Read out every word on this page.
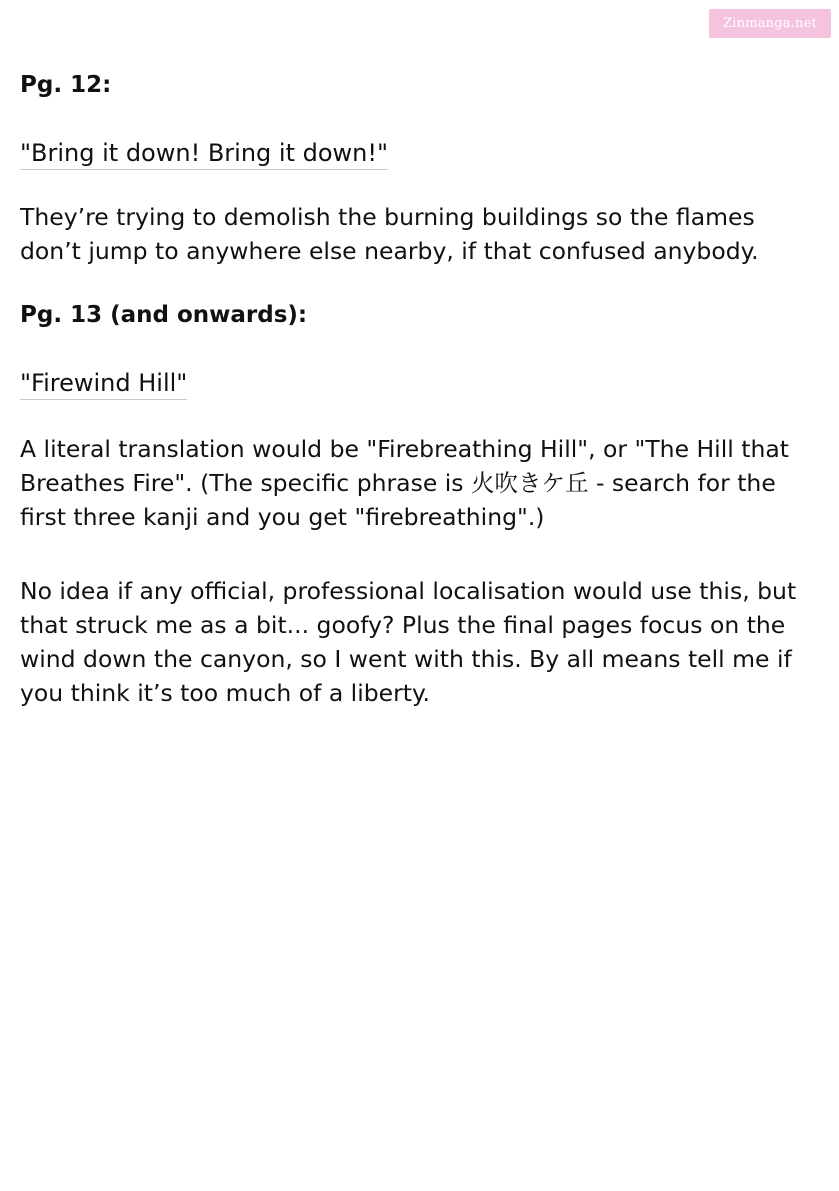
Zinmanga.net
Pg. 12:
"Bring it down! Bring it down!"
They’re trying to demolish the burning buildings so the flames don’t jump to anywhere else nearby, if that confused anybody.
Pg. 13 (and onwards):
"Firewind Hill"
A literal translation would be "Firebreathing Hill", or "The Hill that Breathes Fire". (The specific phrase is 火吹きケ丘 - search for the first three kanji and you get "firebreathing".)
No idea if any official, professional localisation would use this, but that struck me as a bit... goofy? Plus the final pages focus on the wind down the canyon, so I went with this. By all means tell me if you think it’s too much of a liberty.
